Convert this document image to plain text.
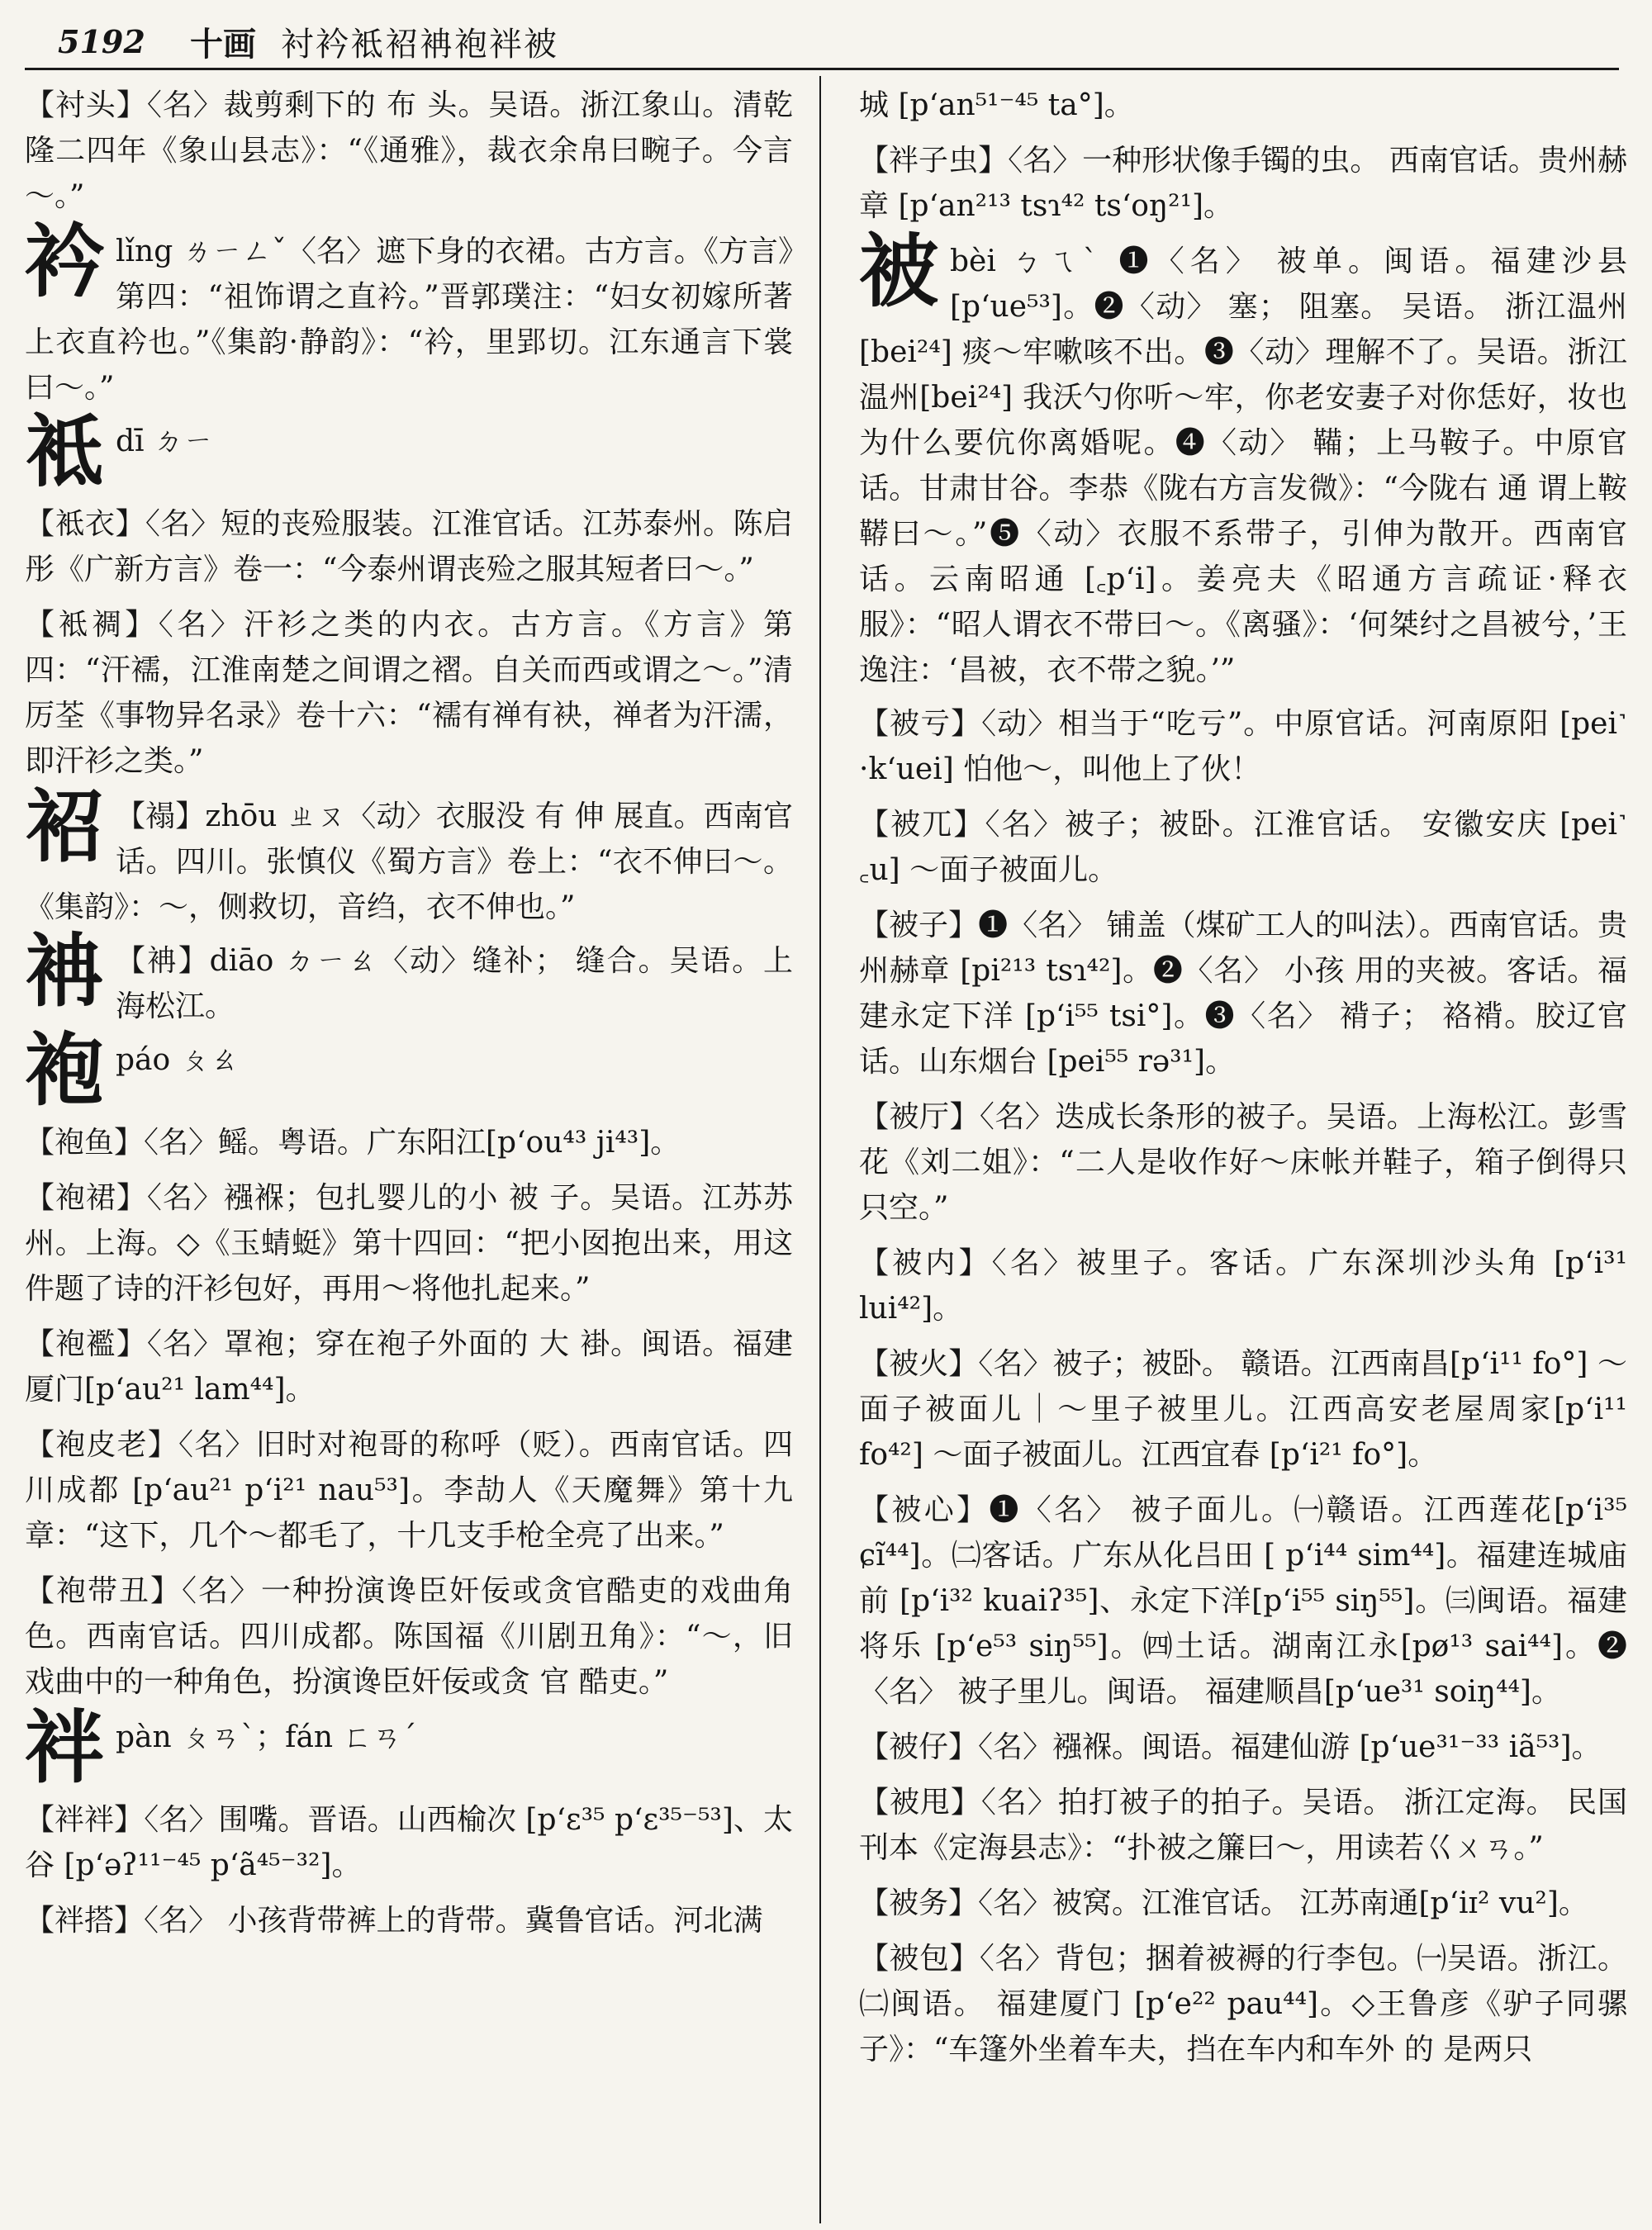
5192	十画 衬衿袛袑袡袍袢被
【衬头】〈名〉裁剪剩下的 布 头。吴语。浙江象山。清乾隆二四年《象山县志》：“《通雅》，裁衣余帛曰畹子。今言～。”
衿 lǐng ㄌㄧㄥˇ〈名〉遮下身的衣裙。古方言。《方言》第四：“祖饰谓之直衿。”晋郭璞注：“妇女初嫁所著上衣直衿也。”《集韵·静韵》：“衿，里郢切。江东通言下裳曰～。”
袛 dī ㄉㄧ
【袛衣】〈名〉短的丧殓服装。江淮官话。江苏泰州。陈启彤《广新方言》卷一：“今泰州谓丧殓之服其短者曰～。”
【袛裯】〈名〉汗衫之类的内衣。古方言。《方言》第四：“汗襦，江淮南楚之间谓之褶。自关而西或谓之～。”清厉荃《事物异名录》卷十六：“襦有禅有袂，禅者为汗濡，即汗衫之类。”
袑 【褟】zhōu ㄓㄡ〈动〉衣服没 有 伸 展直。西南官话。四川。张慎仪《蜀方言》卷上：“衣不伸曰～。《集韵》：～，侧救切，音绉，衣不伸也。”
袡 【袡】diāo ㄉㄧㄠ〈动〉缝补； 缝合。吴语。上海松江。
袍 páo ㄆㄠ
【袍鱼】〈名〉鳐。粤语。广东阳江[p‘ou⁴³ ji⁴³]。
【袍裙】〈名〉襁褓；包扎婴儿的小 被 子。吴语。江苏苏州。上海。◇《玉蜻蜓》第十四回：“把小囡抱出来，用这件题了诗的汗衫包好，再用～将他扎起来。”
【袍襤】〈名〉罩袍；穿在袍子外面的 大 褂。闽语。福建厦门[p‘au²¹ lam⁴⁴]。
【袍皮老】〈名〉旧时对袍哥的称呼（贬）。西南官话。四川成都 [p‘au²¹ p‘i²¹ nau⁵³]。李劼人《天魔舞》第十九章：“这下，几个～都毛了，十几支手枪全亮了出来。”
【袍带丑】〈名〉一种扮演谗臣奸佞或贪官酷吏的戏曲角色。西南官话。四川成都。陈国福《川剧丑角》：“～，旧戏曲中的一种角色，扮演谗臣奸佞或贪 官 酷吏。”
袢 pàn ㄆㄢˋ；fán ㄈㄢˊ
【袢袢】〈名〉围嘴。晋语。山西榆次 [p‘ɛ³⁵ p‘ɛ³⁵⁻⁵³]、太谷 [p‘əʔ¹¹⁻⁴⁵ p‘ã⁴⁵⁻³²]。
【袢搭】〈名〉 小孩背带裤上的背带。冀鲁官话。河北满
城 [p‘an⁵¹⁻⁴⁵ ta°]。
【袢子虫】〈名〉一种形状像手镯的虫。 西南官话。贵州赫章 [p‘an²¹³ tsɿ⁴² ts‘oŋ²¹]。
被 bèi ㄅㄟˋ ❶〈名〉 被单。闽语。福建沙县[p‘ue⁵³]。❷〈动〉 塞； 阻塞。 吴语。 浙江温州 [bei²⁴] 痰～牢嗽咳不出。❸〈动〉理解不了。吴语。浙江温州[bei²⁴] 我沃勺你听～牢，你老安妻子对你恁好，妆也为什么要伉你离婚呢。❹〈动〉 鞴；上马鞍子。中原官话。甘肃甘谷。李恭《陇右方言发微》：“今陇右 通 谓上鞍鞯曰～。”❺〈动〉衣服不系带子，引伸为散开。西南官话。云南昭通 [꜀p‘i]。姜亮夫《昭通方言疏证·释衣服》：“昭人谓衣不带曰～。《离骚》：‘何桀纣之昌被兮，’王逸注：‘昌被，衣不带之貌。’”
【被亏】〈动〉相当于“吃亏”。中原官话。河南原阳 [pei˺ ·k‘uei] 怕他～，叫他上了伙！
【被兀】〈名〉被子；被卧。江淮官话。 安徽安庆 [pei˺ ꜀u] ～面子被面儿。
【被子】❶〈名〉 铺盖（煤矿工人的叫法）。西南官话。贵州赫章 [pi²¹³ tsɿ⁴²]。❷〈名〉 小孩 用的夹被。客话。福建永定下洋 [p‘i⁵⁵ tsi°]。❸〈名〉 褙子； 袼褙。胶辽官话。山东烟台 [pei⁵⁵ rə³¹]。
【被厅】〈名〉迭成长条形的被子。吴语。上海松江。彭雪花《刘二姐》：“二人是收作好～床帐并鞋子，箱子倒得只只空。”
【被内】〈名〉被里子。客话。广东深圳沙头角 [p‘i³¹ lui⁴²]。
【被火】〈名〉被子；被卧。 赣语。江西南昌[p‘i¹¹ fo°] ～面子被面儿｜～里子被里儿。江西高安老屋周家[p‘i¹¹ fo⁴²] ～面子被面儿。江西宜春 [p‘i²¹ fo°]。
【被心】❶〈名〉 被子面儿。㈠赣语。江西莲花[p‘i³⁵ ɕĩ⁴⁴]。㈡客话。广东从化吕田 [ p‘i⁴⁴ sim⁴⁴]。福建连城庙前 [p‘i³² kuaiʔ³⁵]、永定下洋[p‘i⁵⁵ siŋ⁵⁵]。㈢闽语。福建将乐 [p‘e⁵³ siŋ⁵⁵]。㈣土话。湖南江永[pø¹³ sai⁴⁴]。❷〈名〉 被子里儿。闽语。 福建顺昌[p‘ue³¹ soiŋ⁴⁴]。
【被仔】〈名〉襁褓。闽语。福建仙游 [p‘ue³¹⁻³³ iã⁵³]。
【被甩】〈名〉拍打被子的拍子。吴语。 浙江定海。 民国刊本《定海县志》：“扑被之簾曰～，用读若巜ㄨㄢ。”
【被务】〈名〉被窝。江淮官话。 江苏南通[p‘iɪ² vu²]。
【被包】〈名〉背包；捆着被褥的行李包。㈠吴语。浙江。㈡闽语。 福建厦门 [p‘e²² pau⁴⁴]。◇王鲁彦《驴子同骡子》：“车篷外坐着车夫，挡在车内和车外 的 是两只
